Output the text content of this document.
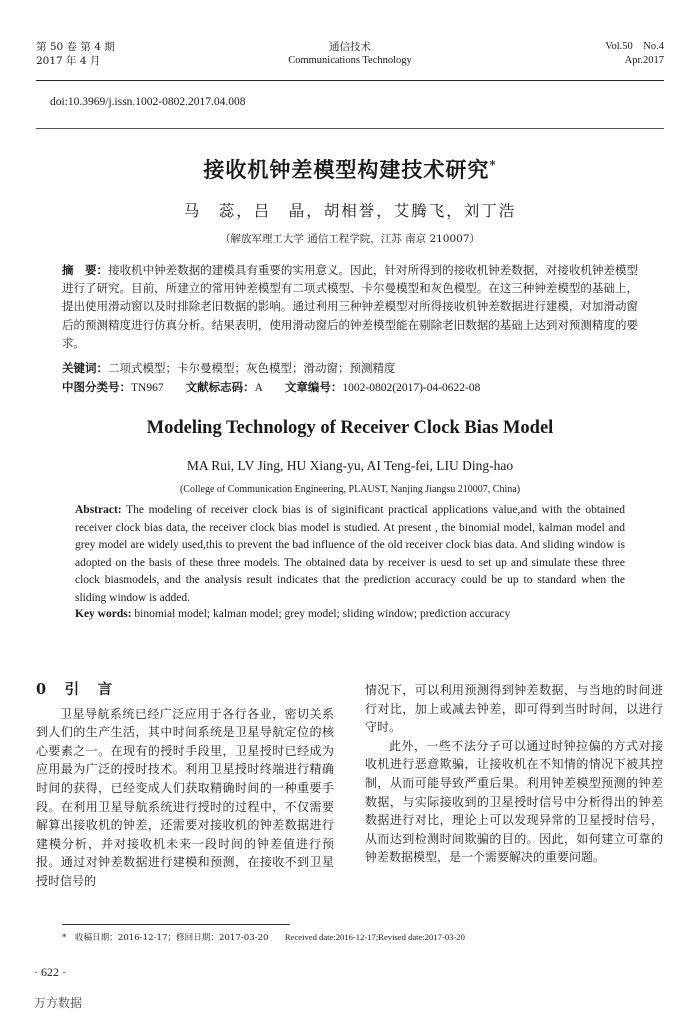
第 50 卷 第 4 期
2017 年 4 月
通信技术
Communications Technology
Vol.50    No.4
Apr.2017
doi:10.3969/j.issn.1002-0802.2017.04.008
接收机钟差模型构建技术研究*
马　蕊，吕　晶，胡相誉，艾腾飞，刘丁浩
（解放军理工大学 通信工程学院，江苏 南京 210007）
摘　要：接收机中钟差数据的建模具有重要的实用意义。因此，针对所得到的接收机钟差数据，对接收机钟差模型进行了研究。目前，所建立的常用钟差模型有二项式模型、卡尔曼模型和灰色模型。在这三种钟差模型的基础上，提出使用滑动窗以及时排除老旧数据的影响。通过利用三种钟差模型对所得接收机钟差数据进行建模，对加滑动窗后的预测精度进行仿真分析。结果表明，使用滑动窗后的钟差模型能在剔除老旧数据的基础上达到对预测精度的要求。
关键词：二项式模型；卡尔曼模型；灰色模型；滑动窗；预测精度
中图分类号：TN967 文献标志码：A 文章编号：1002-0802(2017)-04-0622-08
Modeling Technology of Receiver Clock Bias Model
MA Rui, LV Jing, HU Xiang-yu, AI Teng-fei, LIU Ding-hao
(College of Communication Engineering, PLAUST, Nanjing Jiangsu 210007, China)
Abstract: The modeling of receiver clock bias is of siginificant practical applications value,and with the obtained receiver clock bias data, the receiver clock bias model is studied. At present , the binomial model, kalman model and grey model are widely used,this to prevent the bad influence of the old receiver clock bias data. And sliding window is adopted on the basis of these three models. The obtained data by receiver is uesd to set up and simulate these three clock biasmodels, and the analysis result indicates that the prediction accuracy could be up to standard when the sliding window is added.
Key words: binomial model; kalman model; grey model; sliding window; prediction accuracy
0　引　言

卫星导航系统已经广泛应用于各行各业，密切关系到人们的生产生活，其中时间系统是卫星导航定位的核心要素之一。在现有的授时手段里，卫星授时已经成为应用最为广泛的授时技术。利用卫星授时终端进行精确时间的获得，已经变成人们获取精确时间的一种重要手段。在利用卫星导航系统进行授时的过程中，不仅需要解算出接收机的钟差，还需要对接收机的钟差数据进行建模分析，并对接收机未来一段时间的钟差值进行预报。通过对钟差数据进行建模和预测，在接收不到卫星授时信号的

情况下，可以利用预测得到钟差数据，与当地的时间进行对比，加上或减去钟差，即可得到当时时间，以进行守时。

此外，一些不法分子可以通过时钟拉偏的方式对接收机进行恶意欺骗，让接收机在不知情的情况下被其控制，从而可能导致严重后果。利用钟差模型预测的钟差数据，与实际接收到的卫星授时信号中分析得出的钟差数据进行对比，理论上可以发现异常的卫星授时信号，从而达到检测时间欺骗的目的。因此，如何建立可靠的钟差数据模型，是一个需要解决的重要问题。

*　收稿日期：2016-12-17；修回日期：2017-03-20 Received date:2016-12-17;Revised date:2017-03-20
· 622 ·
万方数据
